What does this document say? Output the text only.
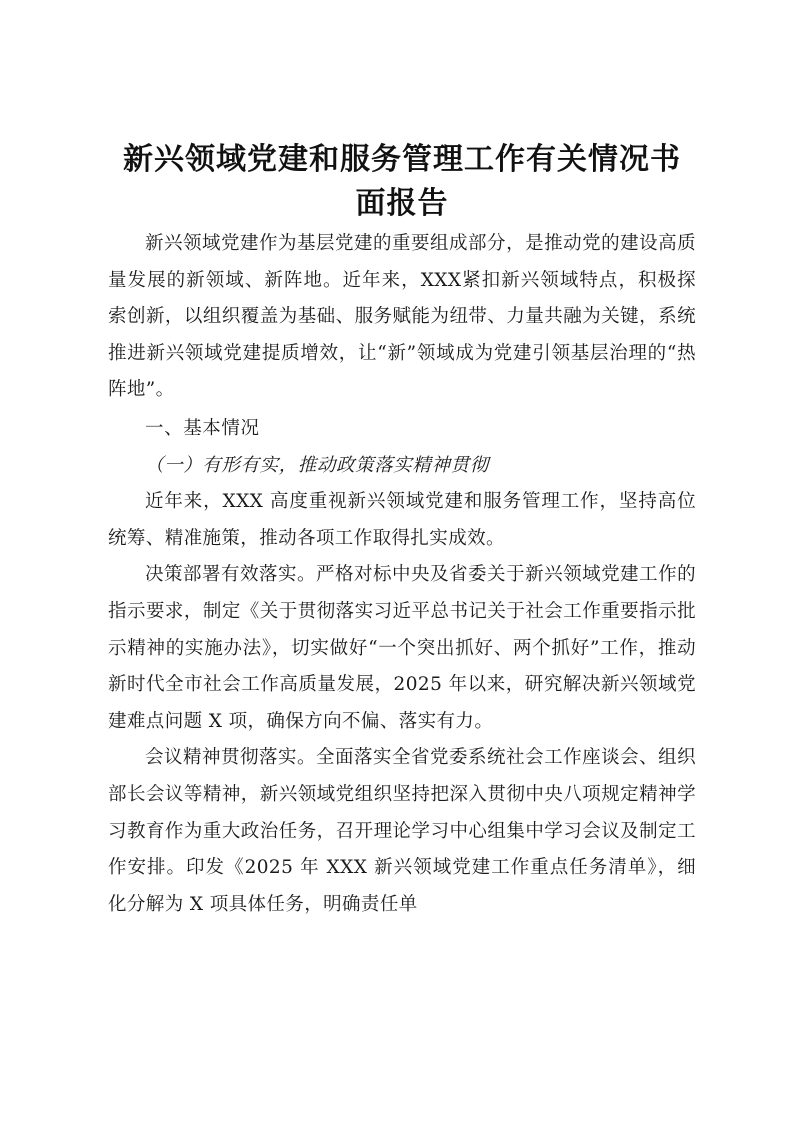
新兴领域党建和服务管理工作有关情况书面报告

新兴领域党建作为基层党建的重要组成部分，是推动党的建设高质量发展的新领域、新阵地。近年来，XXX紧扣新兴领域特点，积极探索创新，以组织覆盖为基础、服务赋能为纽带、力量共融为关键，系统推进新兴领域党建提质增效，让“新”领域成为党建引领基层治理的“热阵地”。

一、基本情况

（一）有形有实，推动政策落实精神贯彻

近年来，XXX 高度重视新兴领域党建和服务管理工作，坚持高位统筹、精准施策，推动各项工作取得扎实成效。

决策部署有效落实。严格对标中央及省委关于新兴领域党建工作的指示要求，制定《关于贯彻落实习近平总书记关于社会工作重要指示批示精神的实施办法》，切实做好“一个突出抓好、两个抓好”工作，推动新时代全市社会工作高质量发展，2025 年以来，研究解决新兴领域党建难点问题 X 项，确保方向不偏、落实有力。

会议精神贯彻落实。全面落实全省党委系统社会工作座谈会、组织部长会议等精神，新兴领域党组织坚持把深入贯彻中央八项规定精神学习教育作为重大政治任务，召开理论学习中心组集中学习会议及制定工作安排。印发《2025 年 XXX 新兴领域党建工作重点任务清单》，细化分解为 X 项具体任务，明确责任单
